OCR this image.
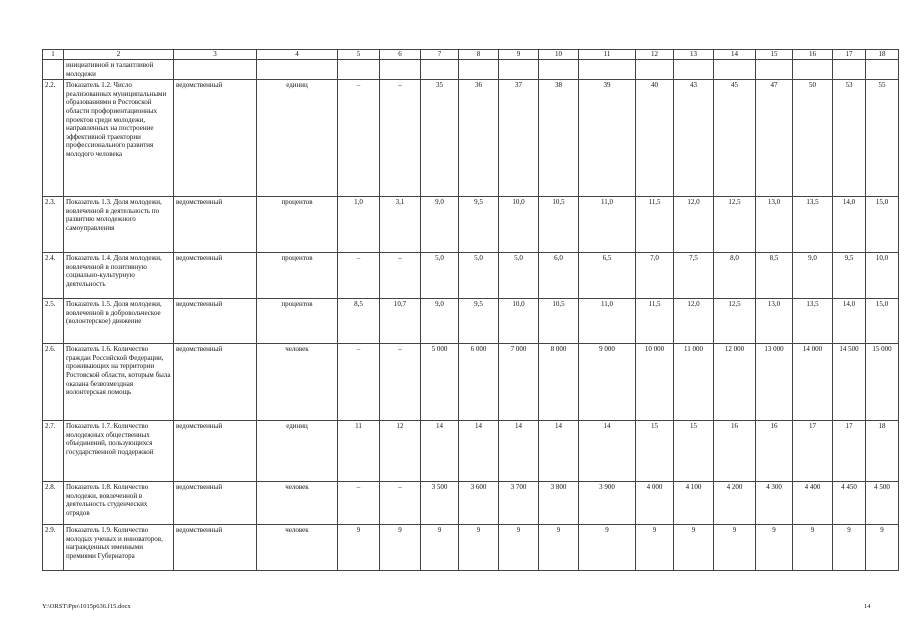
1	2	3	4	5	6	7	8	9	10	11	12	13	14	15	16	17	18
	инициативной и талантливой молодежи																
2.2.	Показатель 1.2. Число реализованных муниципальными образованиями в Ростовской области профориентационных проектов среди молодежи, направленных на построение эффективной траектории профессионального развития молодого человека	ведомственный	единиц	–	–	35	36	37	38	39	40	43	45	47	50	53	55
2.3.	Показатель 1.3. Доля молодежи, вовлеченной в деятельность по развитию молодежного самоуправления	ведомственный	процентов	1,0	3,1	9,0	9,5	10,0	10,5	11,0	11,5	12,0	12,5	13,0	13,5	14,0	15,0
2.4.	Показатель 1.4. Доля молодежи, вовлеченной в позитивную социально-культурную деятельность	ведомственный	процентов	–	–	5,0	5,0	5,0	6,0	6,5	7,0	7,5	8,0	8,5	9,0	9,5	10,0
2.5.	Показатель 1.5. Доля молодежи, вовлеченной в добровольческое (волонтерское) движение	ведомственный	процентов	8,5	10,7	9,0	9,5	10,0	10,5	11,0	11,5	12,0	12,5	13,0	13,5	14,0	15,0
2.6.	Показатель 1.6. Количество граждан Российской Федерации, проживающих на территории Ростовской области, которым была оказана безвозмездная волонтерская помощь	ведомственный	человек	–	–	5 000	6 000	7 000	8 000	9 000	10 000	11 000	12 000	13 000	14 000	14 500	15 000
2.7.	Показатель 1.7. Количество молодежных общественных объединений, пользующихся государственной поддержкой	ведомственный	единиц	11	12	14	14	14	14	14	15	15	16	16	17	17	18
2.8.	Показатель 1.8. Количество молодежи, вовлеченной в деятельность студенческих отрядов	ведомственный	человек	–	–	3 500	3 600	3 700	3 800	3 900	4 000	4 100	4 200	4 300	4 400	4 450	4 500
2.9.	Показатель 1.9. Количество молодых ученых и инноваторов, награжденных именными премиями Губернатора	ведомственный	человек	9	9	9	9	9	9	9	9	9	9	9	9	9	9
Y:\ORST\Ppo\1015p636.f15.docx	14
